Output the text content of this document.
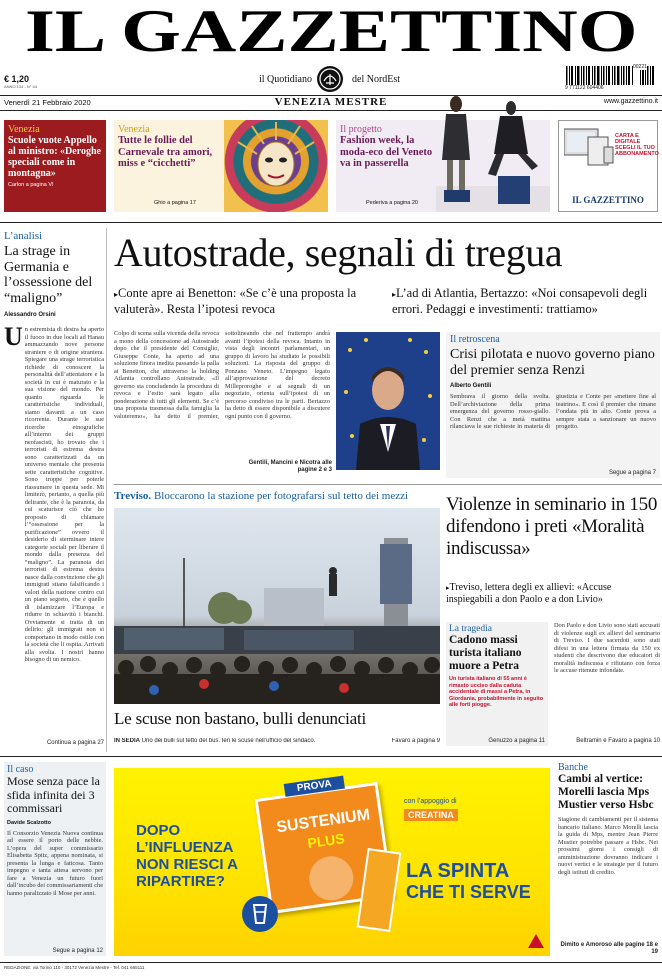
IL GAZZETTINO
€ 1,20
ANNO 134 - N° 44
il Quotidiano	del NordEst
9 771122 604406
00221
Venerdì 21 Febbraio 2020	VENEZIA MESTRE	www.gazzettino.it
Venezia
Scuole vuote Appello al ministro: «Deroghe speciali come in montagna»
Carlon a pagina VI
Venezia
Tutte le follie del Carnevale tra amori, miss e “cicchetti”
Ghio a pagina 17
Il progetto
Fashion week, la moda-eco del Veneto va in passerella
Pederiva a pagina 20
CARTA E DIGITALE
SCEGLI IL TUO ABBONAMENTO
IL GAZZETTINO
L’analisi
La strage in Germania e l’ossessione del “maligno”
Alessandro Orsini
U n estremista di destra ha aperto il fuoco in due locali ad Hanau ammazzando nove persone straniere o di origine straniera. Spiegare una strage terroristica richiede di conoscere la personalità dell’attentatore e la società in cui è maturato e la sua visione del mondo. Per quanto riguarda le caratteristiche individuali, siamo davanti a un caso ricorrente. Durante le sue ricerche etnografiche all’interno dei gruppi neofascisti, ho trovato che i terroristi di estrema destra sono caratterizzati da un universo mentale che presenta sette caratteristiche cognitive. Sono troppe per poterle riassumere in questa sede. Mi limiterò, pertanto, a quella più delirante, che è la paranoia, da cui scaturisce ciò che ho proposto di chiamare l’“ossessione per la purificazione” ovvero il desiderio di sterminare intere categorie sociali per liberare il mondo dalla presenza del “maligno”. La paranoia dei terroristi di estrema destra nasce dalla convinzione che gli immigrati stiano falsificando i valori della nazione contro cui un piano segreto, che è quello di islamizzare l’Europa e ridurre in schiavitù i bianchi. Ovviamente si tratta di un delirio: gli immigrati non si comportano in modo ostile con la società che li ospita. Arrivati alla svolta. I nostri hanno bisogno di un nemico.
Continua a pagina 27
Autostrade, segnali di tregua
▸Conte apre ai Benetton: «Se c’è una proposta la valuterà». Resta l’ipotesi revoca
▸L’ad di Atlantia, Bertazzo: «Noi consapevoli degli errori. Pedaggi e investimenti: trattiamo»
Colpo di scena sulla vicenda della revoca a mono della concessione ad Autostrade dopo che il presidente del Consiglio, Giuseppe Conte, ha aperto ad una soluzione finora inedita passando la palla ai Benetton, che attraverso la holding Atlantia controllano Autostrade. «Il governo sta concludendo la procedura di revoca e l’esito sarà legato alla ponderazione di tutti gli elementi. Se c’è una proposta trasmessa dalla famiglia la valuteremo», ha detto il premier, sottolineando che nel frattempo andrà avanti l’ipotesi della revoca. Intanto in vista degli incontri parlamentari, un gruppo di lavoro ha studiato le possibili soluzioni. La risposta del gruppo di Ponzano Veneto. L’impegno legato all’approvazione del decreto Milleproroghe e ai segnali di un negoziato, orienta sull’ipotesi di un percorso condiviso tra le parti. Bertazzo ha detto di essere disponibile a discutere ogni punto con il governo.
Gentili, Mancini e Nicotra alle pagine 2 e 3
Il retroscena
Crisi pilotata e nuovo governo piano del premier senza Renzi
Alberto Gentili
Sembrava il giorno della svolta. Dell’archiviazione della prima emergenza del governo rosso-giallo. Con Renzi che a metà mattina rilanciava le sue richieste in materia di giustizia e Conte per «mettere fine al teatrino». E così il premier che rimane l’ondata più in alto. Conte prova a sempre stata a sanzionare un nuovo progetto.
Segue a pagina 7
Treviso. Bloccarono la stazione per fotografarsi sul tetto dei mezzi
Le scuse non bastano, bulli denunciati
IN SEDIA Uno dei bulli sul tetto del bus. Ieri le scuse nell’ufficio del sindaco.	Favaro a pagina 9
Violenze in seminario in 150 difendono i preti «Moralità indiscussa»
▸Treviso, lettera degli ex allievi: «Accuse inspiegabili a don Paolo e a don Livio»
La tragedia
Cadono massi turista italiano muore a Petra
Un turista italiano di 55 anni è rimasto ucciso dalla caduta accidentale di massi a Petra, in Giordania, probabilmente in seguito alle forti piogge.
Genuzzo a pagina 11
Don Paolo e don Livio sono stati accusati di violenze sugli ex allievi del seminario di Treviso. I due sacerdoti sono stati difesi in una lettera firmata da 150 ex studenti che descrivono due educatori di moralità indiscussa e rifiutano con forza le accuse ritenute infondate.
Beltramin e Favaro a pagina 10
Il caso
Mose senza pace la sfida infinita dei 3 commissari
Davide Scalzotto
Il Consorzio Venezia Nuova continua ad essere il porto delle nebbie. L’opera del super commissario Elisabetta Spitz, appena nominata, si presenta la lunga e faticosa. Tanto impegno e tanta attesa servono per fare a Venezia un futuro fuori dall’incubo dei commissariamenti che hanno paralizzato il Mose per anni.
Segue a pagina 12
DOPO L’INFLUENZA NON RIESCI A RIPARTIRE?
PROVA
SUSTENIUM
PLUS
con l’appoggio di
CREATINA
LA SPINTA
CHE TI SERVE
Banche
Cambi al vertice: Morelli lascia Mps Mustier verso Hsbc
Stagione di cambiamenti per il sistema bancario italiano. Marco Morelli lascia la guida di Mps, mentre Jean Pierre Mustier potrebbe passare a Hsbc. Nei prossimi giorni i consigli di amministrazione dovranno indicare i nuovi vertici e le strategie per il futuro degli istituti di credito.
Dimito e Amoroso alle pagine 18 e 19
REDAZIONE: via Torino 110 - 30172 Venezia Mestre - Tel. 041 665111
